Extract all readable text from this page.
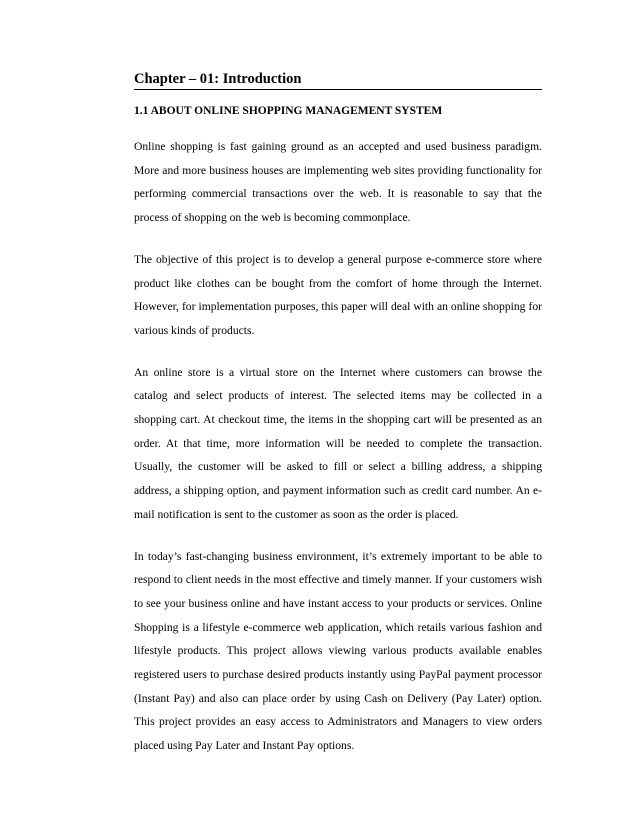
Chapter – 01: Introduction
1.1 ABOUT ONLINE SHOPPING MANAGEMENT SYSTEM

Online shopping is fast gaining ground as an accepted and used business paradigm. More and more business houses are implementing web sites providing functionality for performing commercial transactions over the web. It is reasonable to say that the process of shopping on the web is becoming commonplace.

The objective of this project is to develop a general purpose e-commerce store where product like clothes can be bought from the comfort of home through the Internet. However, for implementation purposes, this paper will deal with an online shopping for various kinds of products.

An online store is a virtual store on the Internet where customers can browse the catalog and select products of interest. The selected items may be collected in a shopping cart. At checkout time, the items in the shopping cart will be presented as an order. At that time, more information will be needed to complete the transaction. Usually, the customer will be asked to fill or select a billing address, a shipping address, a shipping option, and payment information such as credit card number. An e-mail notification is sent to the customer as soon as the order is placed.

In today’s fast-changing business environment, it’s extremely important to be able to respond to client needs in the most effective and timely manner. If your customers wish to see your business online and have instant access to your products or services. Online Shopping is a lifestyle e-commerce web application, which retails various fashion and lifestyle products. This project allows viewing various products available enables registered users to purchase desired products instantly using PayPal payment processor (Instant Pay) and also can place order by using Cash on Delivery (Pay Later) option. This project provides an easy access to Administrators and Managers to view orders placed using Pay Later and Instant Pay options.
